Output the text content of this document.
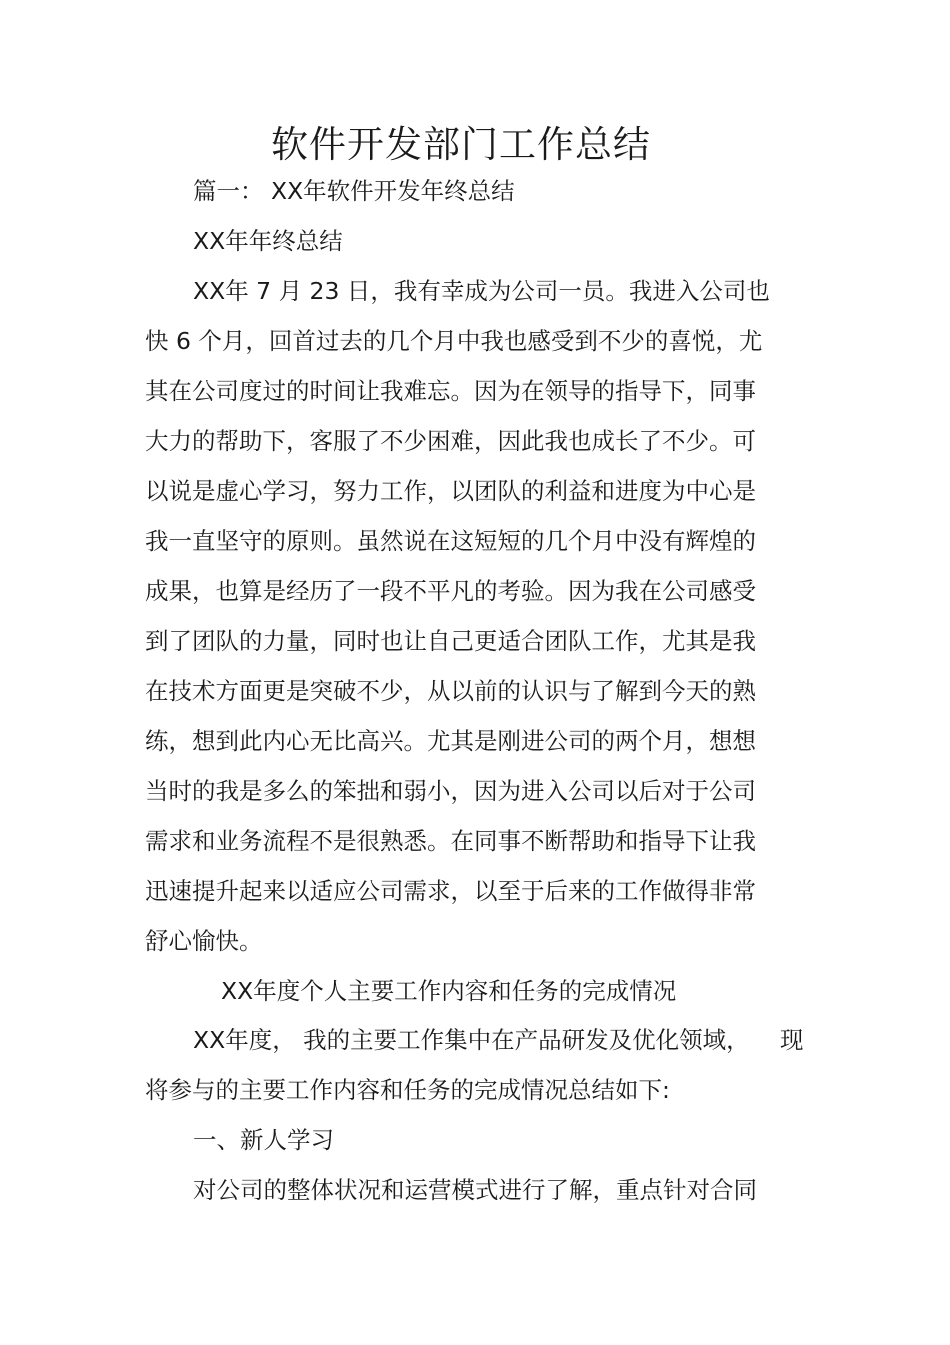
软件开发部门工作总结
篇一： XX年软件开发年终总结
XX年年终总结
XX年 7 月 23 日，我有幸成为公司一员。我进入公司也
快 6 个月，回首过去的几个月中我也感受到不少的喜悦，尤
其在公司度过的时间让我难忘。因为在领导的指导下，同事
大力的帮助下，客服了不少困难，因此我也成长了不少。可
以说是虚心学习，努力工作，以团队的利益和进度为中心是
我一直坚守的原则。虽然说在这短短的几个月中没有辉煌的
成果，也算是经历了一段不平凡的考验。因为我在公司感受
到了团队的力量，同时也让自己更适合团队工作，尤其是我
在技术方面更是突破不少，从以前的认识与了解到今天的熟
练，想到此内心无比高兴。尤其是刚进公司的两个月，想想
当时的我是多么的笨拙和弱小，因为进入公司以后对于公司
需求和业务流程不是很熟悉。在同事不断帮助和指导下让我
迅速提升起来以适应公司需求，以至于后来的工作做得非常
舒心愉快。
XX年度个人主要工作内容和任务的完成情况
XX年度， 我的主要工作集中在产品研发及优化领域， 现
将参与的主要工作内容和任务的完成情况总结如下:
一、新人学习
对公司的整体状况和运营模式进行了解，重点针对合同
